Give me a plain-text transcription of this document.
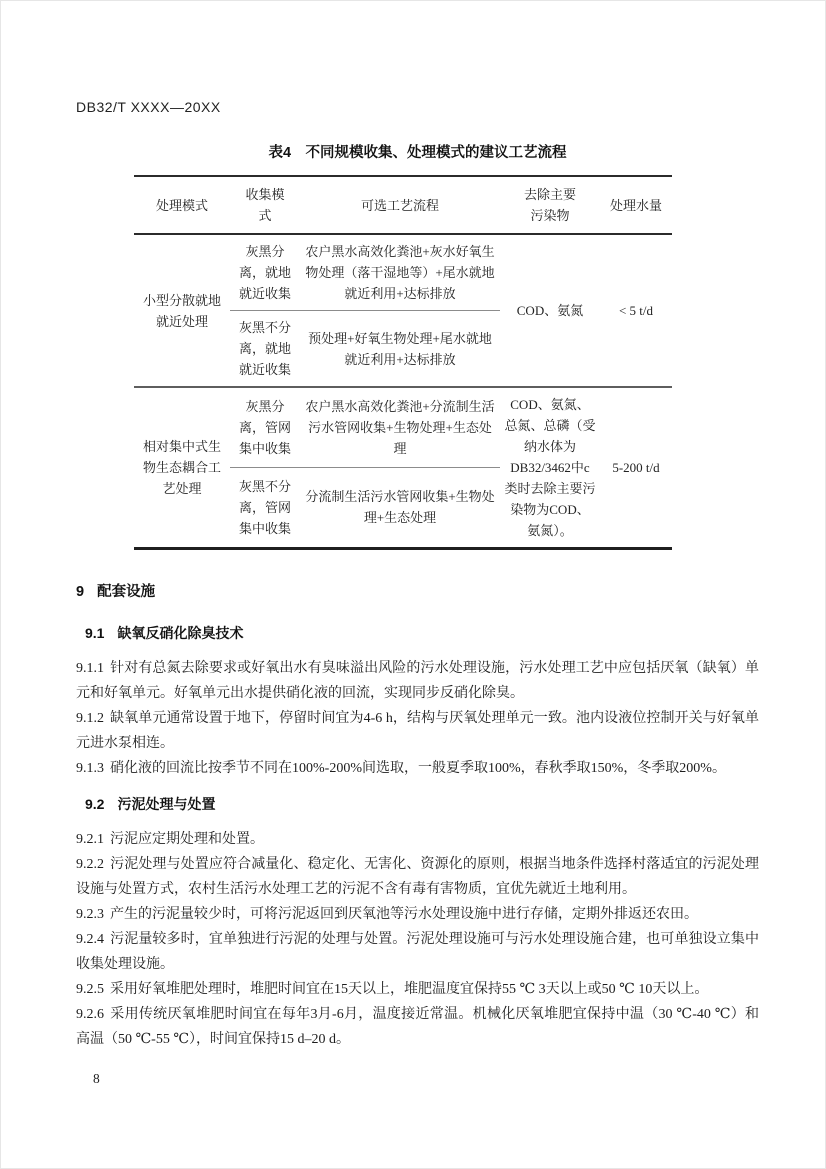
DB32/T XXXX—20XX
表4　不同规模收集、处理模式的建议工艺流程
处理模式	收集模式	可选工艺流程	去除主要污染物	处理水量
小型分散就地就近处理	灰黑分离，就地就近收集	农户黑水高效化粪池+灰水好氧生物处理（落干湿地等）+尾水就地就近利用+达标排放	COD、氨氮	< 5 t/d
	灰黑不分离，就地就近收集	预处理+好氧生物处理+尾水就地就近利用+达标排放		
相对集中式生物生态耦合工艺处理	灰黑分离，管网集中收集	农户黑水高效化粪池+分流制生活污水管网收集+生物处理+生态处理	COD、氨氮、总氮、总磷（受纳水体为DB32/3462中c类时去除主要污染物为COD、氨氮）。	5-200 t/d
	灰黑不分离，管网集中收集	分流制生活污水管网收集+生物处理+生态处理		
9 配套设施
9.1 缺氧反硝化除臭技术

9.1.1 针对有总氮去除要求或好氧出水有臭味溢出风险的污水处理设施，污水处理工艺中应包括厌氧（缺氧）单元和好氧单元。好氧单元出水提供硝化液的回流，实现同步反硝化除臭。

9.1.2 缺氧单元通常设置于地下，停留时间宜为4-6 h，结构与厌氧处理单元一致。池内设液位控制开关与好氧单元进水泵相连。

9.1.3 硝化液的回流比按季节不同在100%-200%间选取，一般夏季取100%，春秋季取150%，冬季取200%。

9.2 污泥处理与处置

9.2.1 污泥应定期处理和处置。

9.2.2 污泥处理与处置应符合减量化、稳定化、无害化、资源化的原则，根据当地条件选择村落适宜的污泥处理设施与处置方式，农村生活污水处理工艺的污泥不含有毒有害物质，宜优先就近土地利用。

9.2.3 产生的污泥量较少时，可将污泥返回到厌氧池等污水处理设施中进行存储，定期外排返还农田。

9.2.4 污泥量较多时，宜单独进行污泥的处理与处置。污泥处理设施可与污水处理设施合建，也可单独设立集中收集处理设施。

9.2.5 采用好氧堆肥处理时，堆肥时间宜在15天以上，堆肥温度宜保持55 ℃ 3天以上或50 ℃ 10天以上。

9.2.6 采用传统厌氧堆肥时间宜在每年3月-6月，温度接近常温。机械化厌氧堆肥宜保持中温（30 ℃-40 ℃）和高温（50 ℃-55 ℃），时间宜保持15 d–20 d。

8
